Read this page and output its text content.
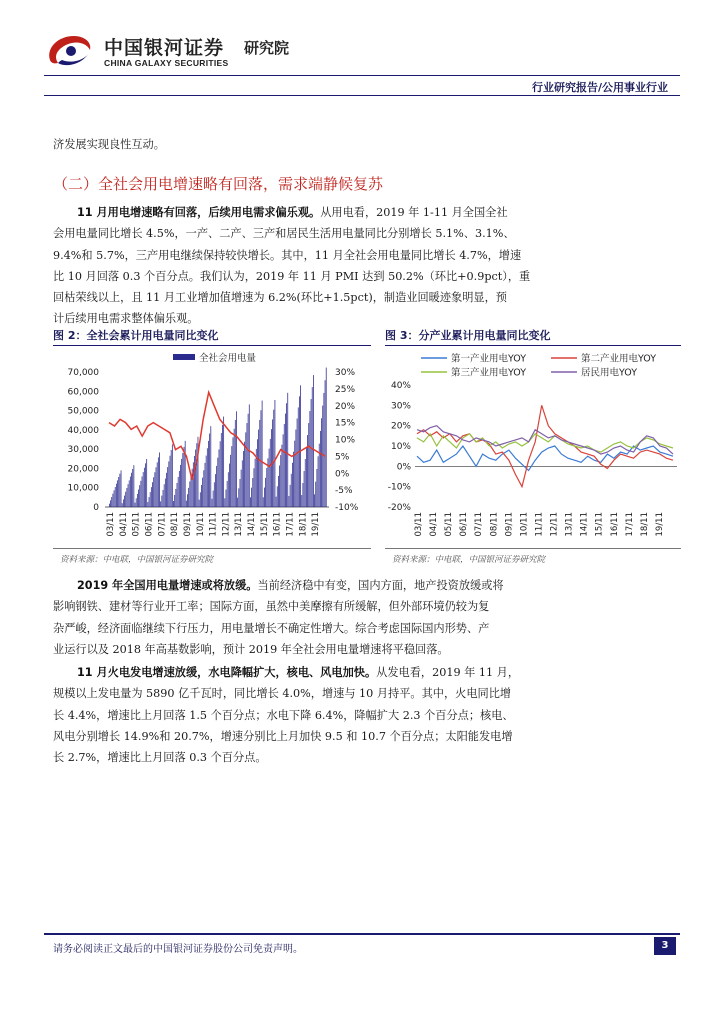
中国银河证券 研究院
CHINA GALAXY SECURITIES
行业研究报告/公用事业行业
济发展实现良性互动。
（二）全社会用电增速略有回落，需求端静候复苏
11 月用电增速略有回落，后续用电需求偏乐观。从用电看，2019 年 1-11 月全国全社
会用电量同比增长 4.5%，一产、二产、三产和居民生活用电量同比分别增长 5.1%、3.1%、
9.4%和 5.7%，三产用电继续保持较快增长。其中，11 月全社会用电量同比增长 4.7%，增速
比 10 月回落 0.3 个百分点。我们认为，2019 年 11 月 PMI 达到 50.2%（环比+0.9pct），重
回枯荣线以上，且 11 月工业增加值增速为 6.2%(环比+1.5pct)，制造业回暖迹象明显，预
计后续用电需求整体偏乐观。
图 2：全社会累计用电量同比变化
全社会用电量
0
10,000
20,000
30,000
40,000
50,000
60,000
70,000	30%
25%
20%
15%
10%
5%
0%
-5%
-10%
03/11 04/11 05/11 06/11 07/11 08/11 09/11 10/11 11/11 12/11 13/11 14/11 15/11 16/11 17/11 18/11 19/11
资料来源：中电联，中国银河证券研究院
图 3：分产业累计用电量同比变化
第一产业用电YOY	第二产业用电YOY
第三产业用电YOY	居民用电YOY
40%
30%
20%
10%
0%
-10%
-20%
03/11 04/11 05/11 06/11 07/11 08/11 09/11 10/11 11/11 12/11 13/11 14/11 15/11 16/11 17/11 18/11 19/11
资料来源：中电联，中国银河证券研究院
2019 年全国用电量增速或将放缓。当前经济稳中有变，国内方面，地产投资放缓或将
影响钢铁、建材等行业开工率；国际方面，虽然中美摩擦有所缓解，但外部环境仍较为复
杂严峻，经济面临继续下行压力，用电量增长不确定性增大。综合考虑国际国内形势、产
业运行以及 2018 年高基数影响，预计 2019 年全社会用电量增速将平稳回落。
11 月火电发电增速放缓，水电降幅扩大，核电、风电加快。从发电看，2019 年 11 月，
规模以上发电量为 5890 亿千瓦时，同比增长 4.0%，增速与 10 月持平。其中，火电同比增
长 4.4%，增速比上月回落 1.5 个百分点；水电下降 6.4%，降幅扩大 2.3 个百分点；核电、
风电分别增长 14.9%和 20.7%，增速分别比上月加快 9.5 和 10.7 个百分点；太阳能发电增
长 2.7%，增速比上月回落 0.3 个百分点。
请务必阅读正文最后的中国银河证券股份公司免责声明。	3
